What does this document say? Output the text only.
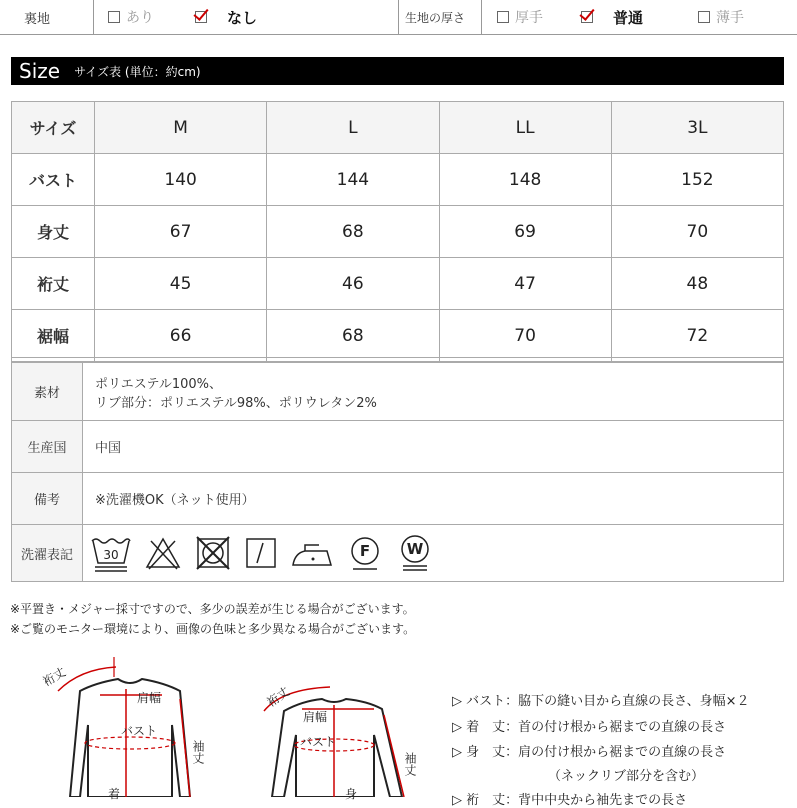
裏地	あり	なし	生地の厚さ	厚手	普通	薄手
Size サイズ表 (単位：約cm)
サイズ	M	L	LL	3L
バスト	140	144	148	152
身丈	67	68	69	70
裄丈	45	46	47	48
裾幅	66	68	70	72
素材	ポリエステル100%、
リブ部分：ポリエステル98%、ポリウレタン2%

生産国	中国
備考	※洗濯機OK（ネット使用）
洗濯表記	30 F W
※平置き・メジャー採寸ですので、多少の誤差が生じる場合がございます。
※ご覧のモニター環境により、画像の色味と多少異なる場合がございます。
裄丈
肩幅
バスト
袖丈
着
裄丈
肩幅
バスト
袖丈
身
▷ バスト：脇下の縫い目から直線の長さ、身幅×２
▷ 着　丈：首の付け根から裾までの直線の長さ
▷ 身　丈：肩の付け根から裾までの直線の長さ
（ネックリブ部分を含む）
▷ 裄　丈：背中中央から袖先までの長さ
